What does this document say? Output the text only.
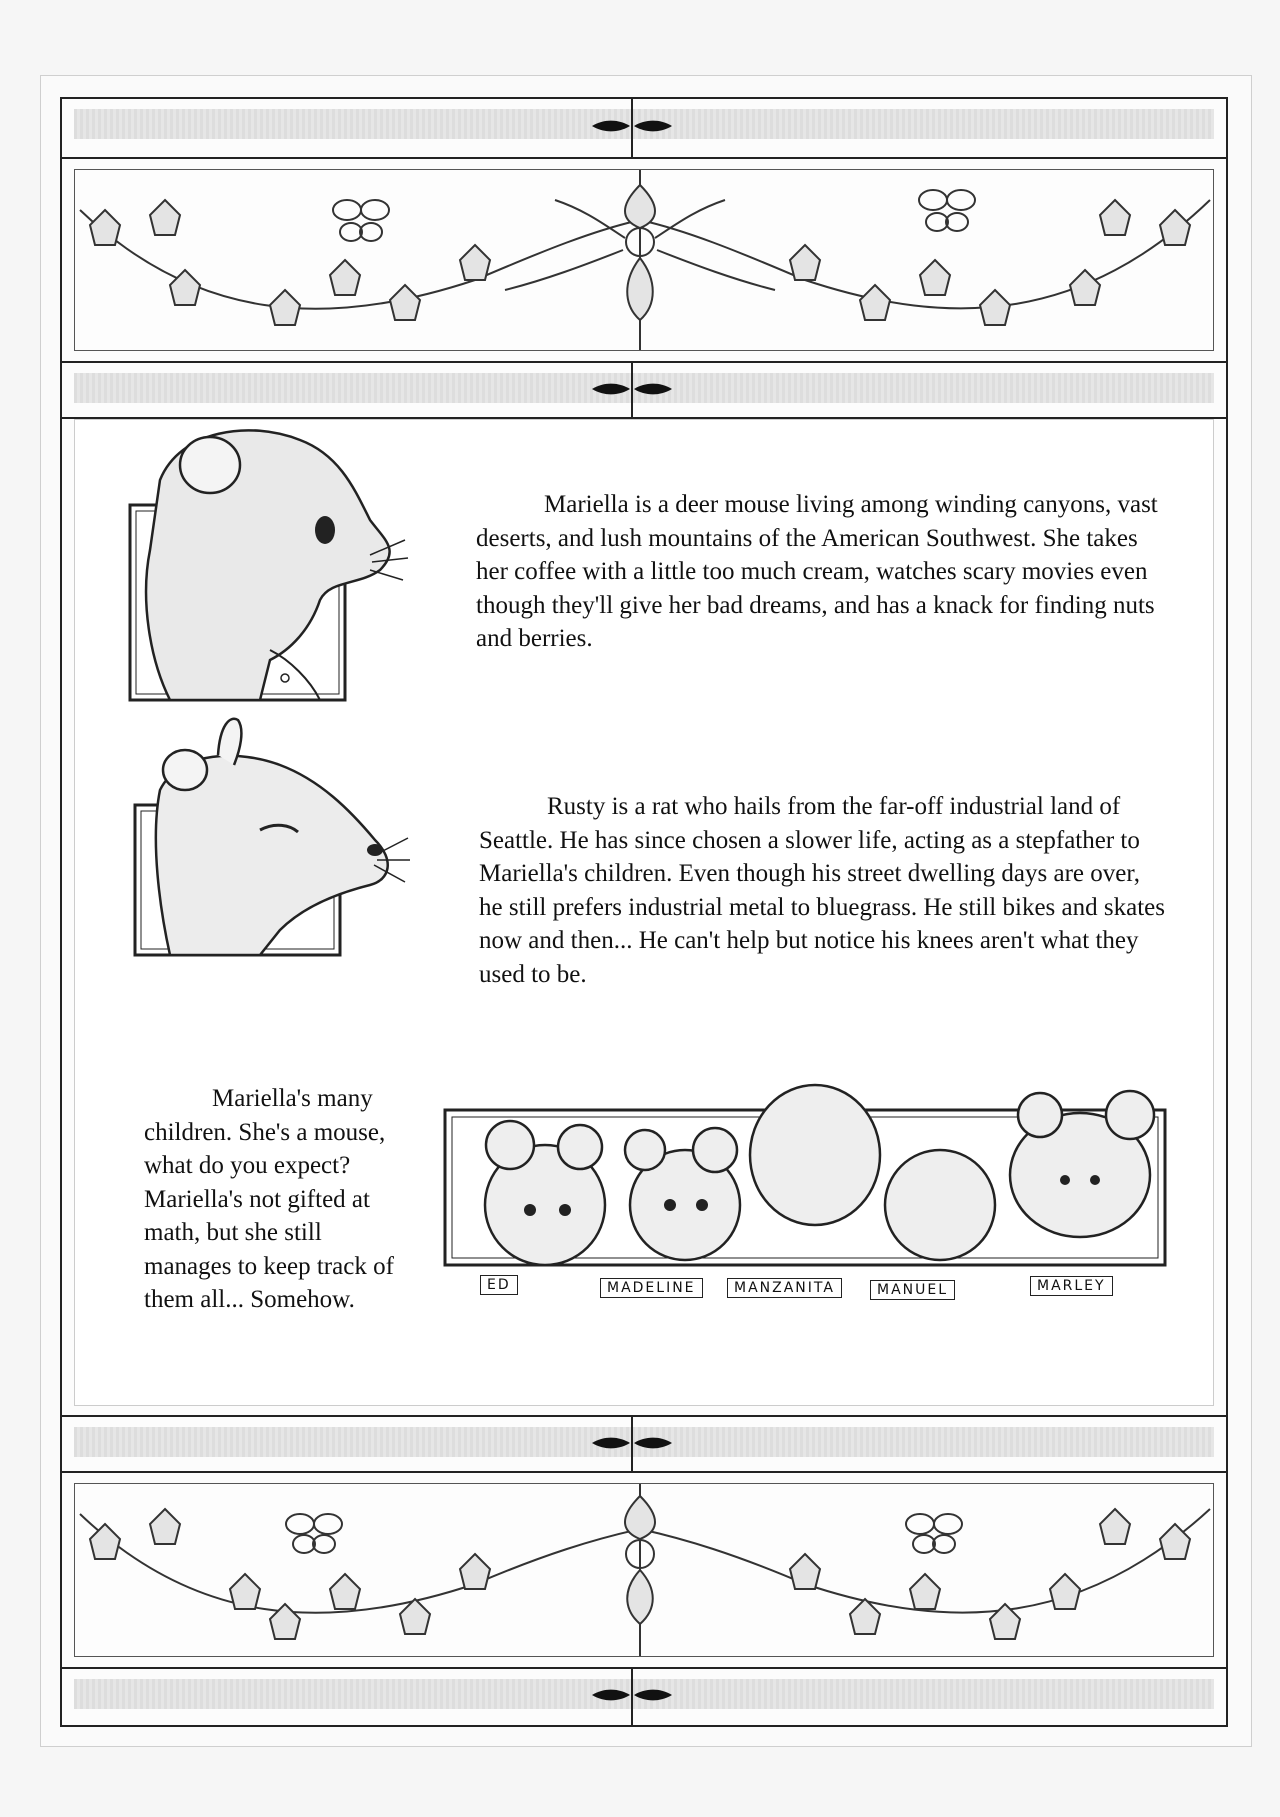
Mariella is a deer mouse living among winding canyons, vast deserts, and lush mountains of the American Southwest. She takes her coffee with a little too much cream, watches scary movies even though they'll give her bad dreams, and has a knack for finding nuts and berries.

Rusty is a rat who hails from the far-off industrial land of Seattle. He has since chosen a slower life, acting as a stepfather to Mariella's children. Even though his street dwelling days are over, he still prefers industrial metal to bluegrass. He still bikes and skates now and then... He can't help but notice his knees aren't what they used to be.

Mariella's many children. She's a mouse, what do you expect? Mariella's not gifted at math, but she still manages to keep track of them all... Somehow.

ED	MADELINE	MANZANITA	MANUEL	MARLEY
